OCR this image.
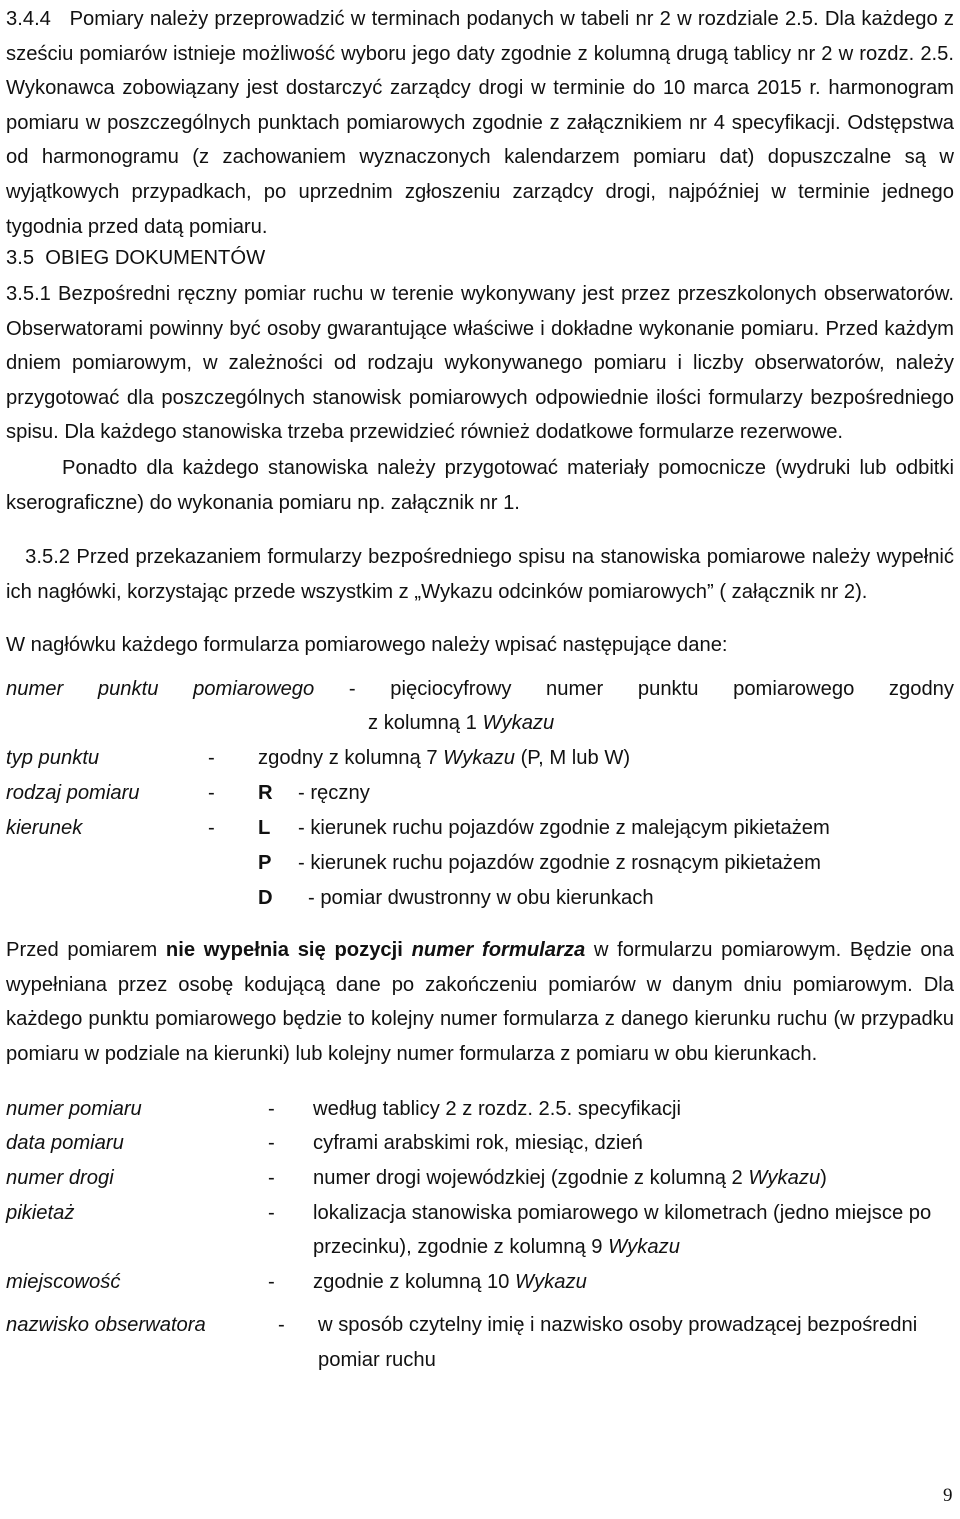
3.4.4 Pomiary należy przeprowadzić w terminach podanych w tabeli nr 2 w rozdziale 2.5. Dla każdego z sześciu pomiarów istnieje możliwość wyboru jego daty zgodnie z kolumną drugą tablicy nr 2 w rozdz. 2.5. Wykonawca zobowiązany jest dostarczyć zarządcy drogi w terminie do 10 marca 2015 r. harmonogram pomiaru w poszczególnych punktach pomiarowych zgodnie z załącznikiem nr 4 specyfikacji. Odstępstwa od harmonogramu (z zachowaniem wyznaczonych kalendarzem pomiaru dat) dopuszczalne są w wyjątkowych przypadkach, po uprzednim zgłoszeniu zarządcy drogi, najpóźniej w terminie jednego tygodnia przed datą pomiaru.

3.5 OBIEG DOKUMENTÓW

3.5.1 Bezpośredni ręczny pomiar ruchu w terenie wykonywany jest przez przeszkolonych obserwatorów. Obserwatorami powinny być osoby gwarantujące właściwe i dokładne wykonanie pomiaru. Przed każdym dniem pomiarowym, w zależności od rodzaju wykonywanego pomiaru i liczby obserwatorów, należy przygotować dla poszczególnych stanowisk pomiarowych odpowiednie ilości formularzy bezpośredniego spisu. Dla każdego stanowiska trzeba przewidzieć również dodatkowe formularze rezerwowe.

Ponadto dla każdego stanowiska należy przygotować materiały pomocnicze (wydruki lub odbitki kserograficzne) do wykonania pomiaru np. załącznik nr 1.

3.5.2 Przed przekazaniem formularzy bezpośredniego spisu na stanowiska pomiarowe należy wypełnić ich nagłówki, korzystając przede wszystkim z „Wykazu odcinków pomiarowych” ( załącznik nr 2).

W nagłówku każdego formularza pomiarowego należy wpisać następujące dane:

numer punktu pomiarowego - pięciocyfrowy numer punktu pomiarowego zgodny
z kolumną 1 Wykazu
typ punktu	- zgodny z kolumną 7 Wykazu (P, M lub W)
rodzaj pomiaru	- R - ręczny
kierunek	- L - kierunek ruchu pojazdów zgodnie z malejącym pikietażem
P - kierunek ruchu pojazdów zgodnie z rosnącym pikietażem
D - pomiar dwustronny w obu kierunkach

Przed pomiarem nie wypełnia się pozycji numer formularza w formularzu pomiarowym. Będzie ona wypełniana przez osobę kodującą dane po zakończeniu pomiarów w danym dniu pomiarowym. Dla każdego punktu pomiarowego będzie to kolejny numer formularza z danego kierunku ruchu (w przypadku pomiaru w podziale na kierunki) lub kolejny numer formularza z pomiaru w obu kierunkach.

numer pomiaru	- według tablicy 2 z rozdz. 2.5. specyfikacji
data pomiaru	- cyframi arabskimi rok, miesiąc, dzień
numer drogi	- numer drogi wojewódzkiej (zgodnie z kolumną 2 Wykazu)
pikietaż	- lokalizacja stanowiska pomiarowego w kilometrach (jedno miejsce po
przecinku), zgodnie z kolumną 9 Wykazu
miejscowość	- zgodnie z kolumną 10 Wykazu
nazwisko obserwatora	- w sposób czytelny imię i nazwisko osoby prowadzącej bezpośredni
pomiar ruchu
9
